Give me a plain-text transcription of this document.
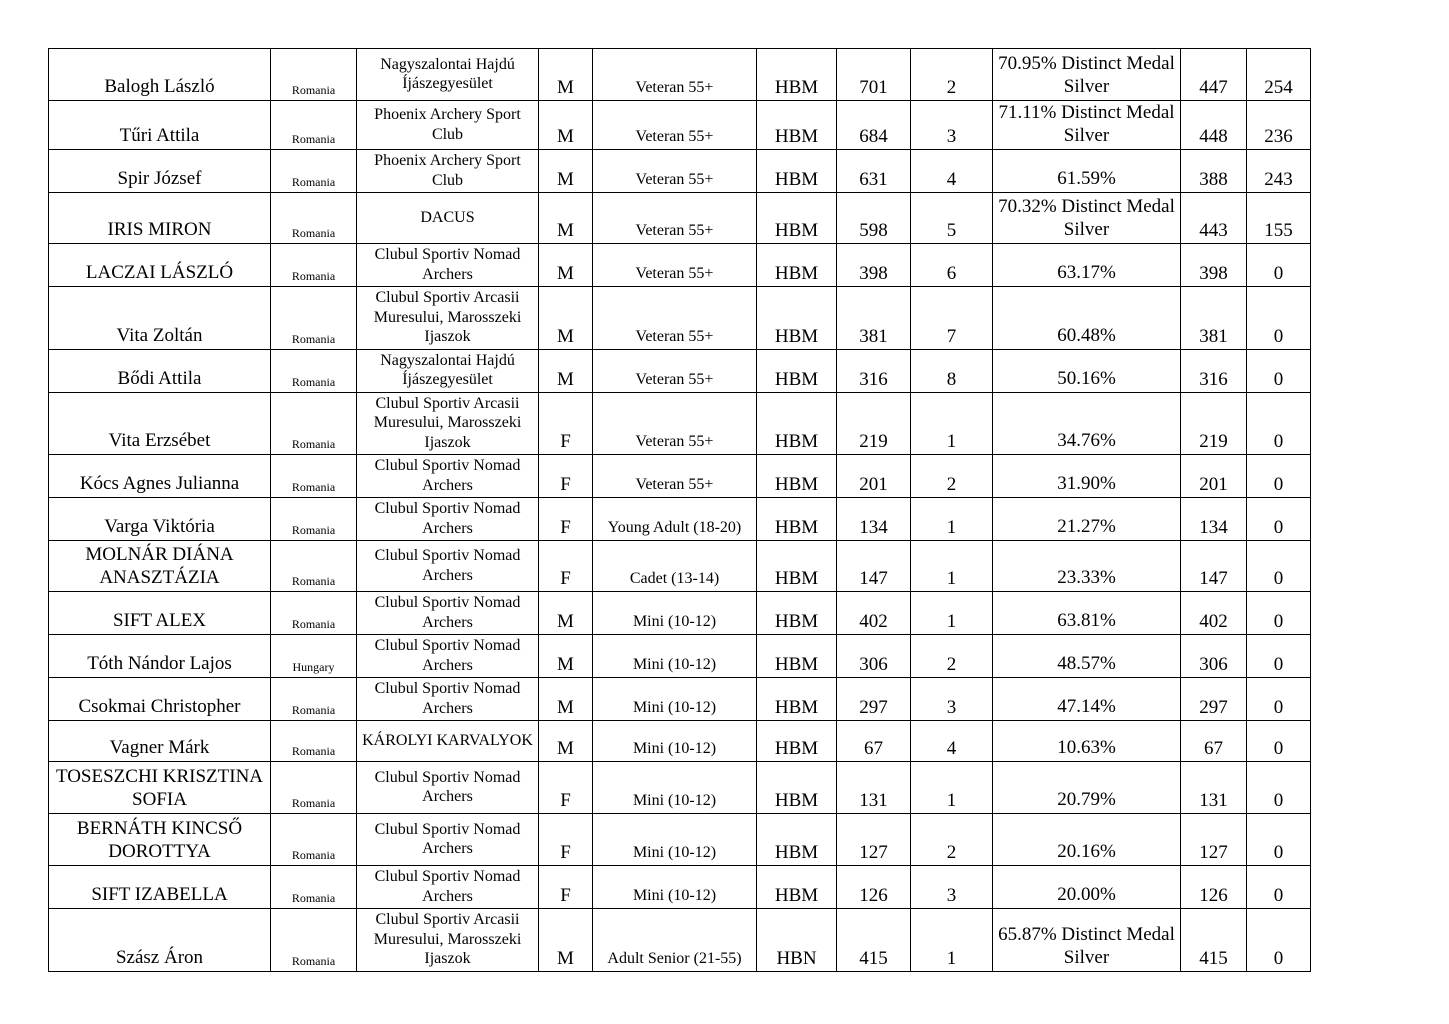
Balogh László	Romania	Nagyszalontai Hajdú Íjászegyesület	M	Veteran 55+	HBM	701	2	70.95% Distinct Medal Silver	447	254
Tűri Attila	Romania	Phoenix Archery Sport Club	M	Veteran 55+	HBM	684	3	71.11% Distinct Medal Silver	448	236
Spir József	Romania	Phoenix Archery Sport Club	M	Veteran 55+	HBM	631	4	61.59%	388	243
IRIS MIRON	Romania	DACUS	M	Veteran 55+	HBM	598	5	70.32% Distinct Medal Silver	443	155
LACZAI LÁSZLÓ	Romania	Clubul Sportiv Nomad Archers	M	Veteran 55+	HBM	398	6	63.17%	398	0
Vita Zoltán	Romania	Clubul Sportiv Arcasii Muresului, Marosszeki Ijaszok	M	Veteran 55+	HBM	381	7	60.48%	381	0
Bődi Attila	Romania	Nagyszalontai Hajdú Íjászegyesület	M	Veteran 55+	HBM	316	8	50.16%	316	0
Vita Erzsébet	Romania	Clubul Sportiv Arcasii Muresului, Marosszeki Ijaszok	F	Veteran 55+	HBM	219	1	34.76%	219	0
Kócs Agnes Julianna	Romania	Clubul Sportiv Nomad Archers	F	Veteran 55+	HBM	201	2	31.90%	201	0
Varga Viktória	Romania	Clubul Sportiv Nomad Archers	F	Young Adult (18-20)	HBM	134	1	21.27%	134	0
MOLNÁR DIÁNA ANASZTÁZIA	Romania	Clubul Sportiv Nomad Archers	F	Cadet (13-14)	HBM	147	1	23.33%	147	0
SIFT ALEX	Romania	Clubul Sportiv Nomad Archers	M	Mini (10-12)	HBM	402	1	63.81%	402	0
Tóth Nándor Lajos	Hungary	Clubul Sportiv Nomad Archers	M	Mini (10-12)	HBM	306	2	48.57%	306	0
Csokmai Christopher	Romania	Clubul Sportiv Nomad Archers	M	Mini (10-12)	HBM	297	3	47.14%	297	0
Vagner Márk	Romania	KÁROLYI KARVALYOK	M	Mini (10-12)	HBM	67	4	10.63%	67	0
TOSESZCHI KRISZTINA SOFIA	Romania	Clubul Sportiv Nomad Archers	F	Mini (10-12)	HBM	131	1	20.79%	131	0
BERNÁTH KINCSŐ DOROTTYA	Romania	Clubul Sportiv Nomad Archers	F	Mini (10-12)	HBM	127	2	20.16%	127	0
SIFT IZABELLA	Romania	Clubul Sportiv Nomad Archers	F	Mini (10-12)	HBM	126	3	20.00%	126	0
Szász Áron	Romania	Clubul Sportiv Arcasii Muresului, Marosszeki Ijaszok	M	Adult Senior (21-55)	HBN	415	1	65.87% Distinct Medal Silver	415	0
